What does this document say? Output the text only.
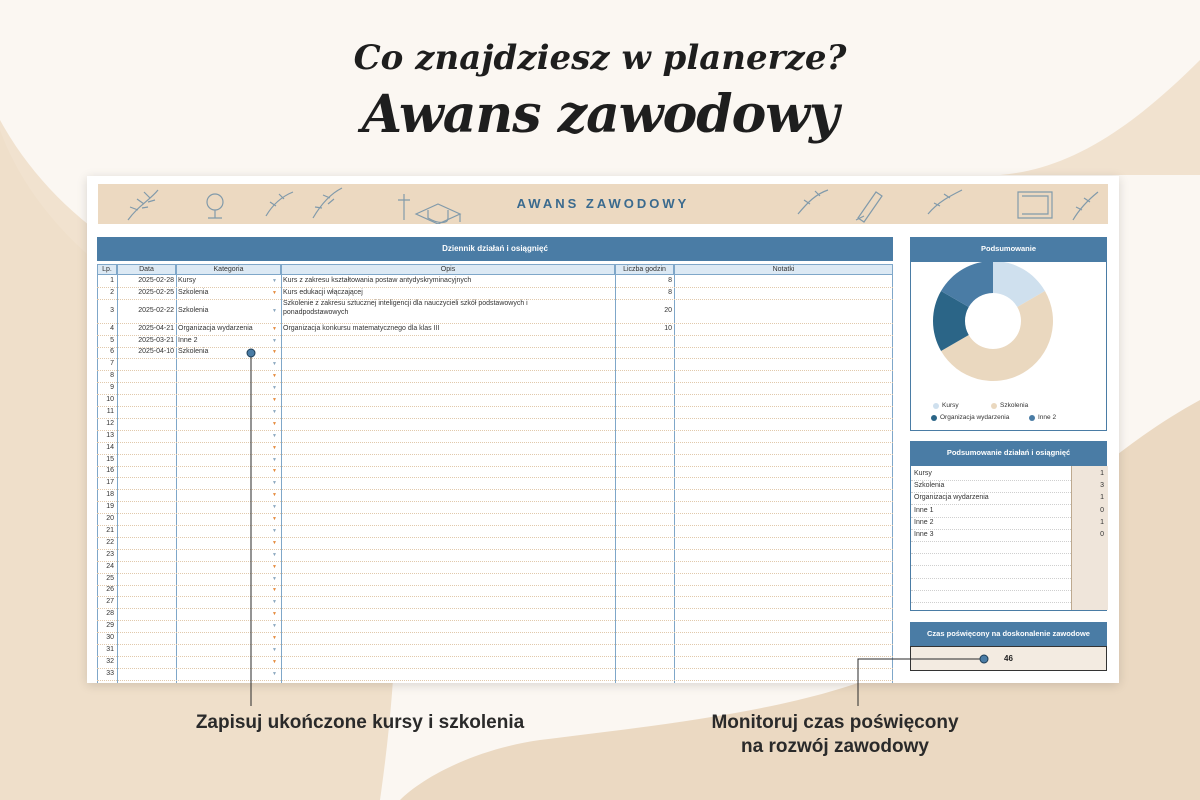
Co znajdziesz w planerze?
Awans zawodowy
AWANS ZAWODOWY
Dziennik działań i osiągnięć
Lp.	Data	Kategoria	Opis	Liczba godzin	Notatki
1	2025-02-28 Kursy	Kurs z zakresu kształtowania postaw antydyskryminacyjnych	8
▼
2	2025-02-25 Szkolenia	Kurs edukacji włączającej	8
▼
3	2025-02-22 Szkolenia
Szkolenie z zakresu sztucznej inteligencji dla nauczycieli szkół podstawowych i
ponadpodstawowych	20
▼
4	2025-04-21 Organizacja wydarzenia	Organizacja konkursu matematycznego dla klas III	10
▼
5	2025-03-21 Inne 2	▼
6	2025-04-10 Szkolenia	▼
7	▼
8	▼
9	▼
10	▼
11	▼
12	▼
13	▼
14	▼
15	▼
16	▼
17	▼
18	▼
19	▼
20	▼
21	▼
22	▼
23	▼
24	▼
25	▼
26	▼
27	▼
28	▼
29	▼
30	▼
31	▼
32	▼
33	▼
Podsumowanie
Kursy	Szkolenia
Organizacja wydarzenia	Inne 2
Podsumowanie działań i osiągnięć
Kursy	1
Szkolenia	3
Organizacja wydarzenia	1
Inne 1	0
Inne 2	1
Inne 3	0
Czas poświęcony na doskonalenie zawodowe
46

Zapisuj ukończone kursy i szkolenia	Monitoruj czas poświęcony

na rozwój zawodowy
